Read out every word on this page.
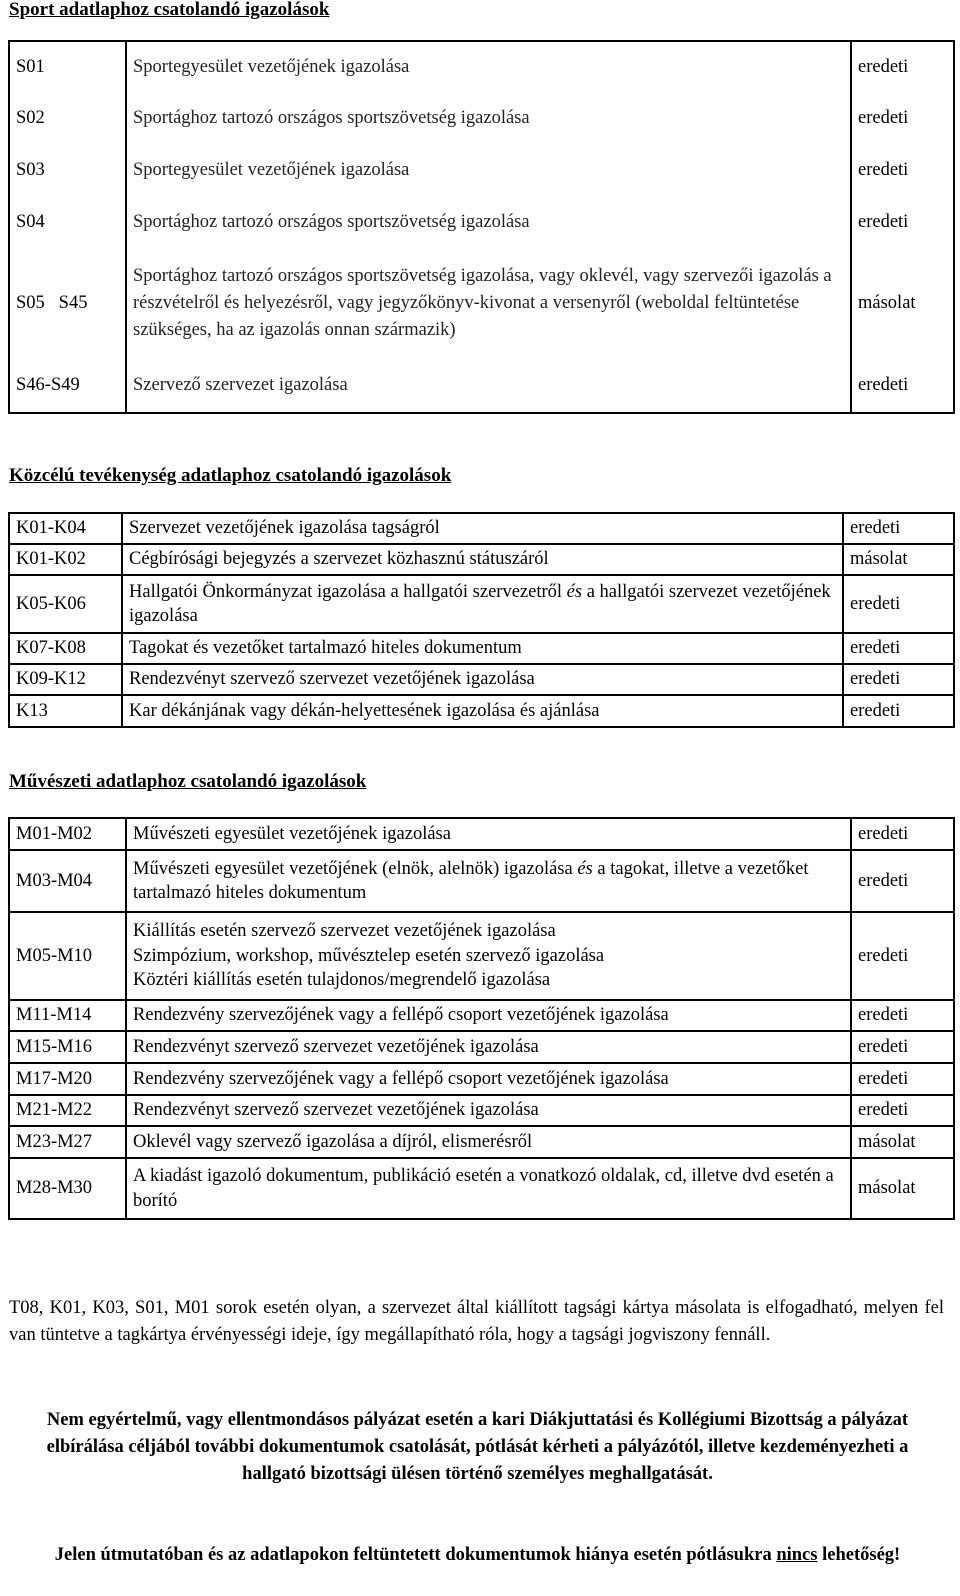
Sport adatlaphoz csatolandó igazolások
S01	Sportegyesület vezetőjének igazolása	eredeti
S02	Sportághoz tartozó országos sportszövetség igazolása	eredeti
S03	Sportegyesület vezetőjének igazolása	eredeti
S04	Sportághoz tartozó országos sportszövetség igazolása	eredeti
S05   S45	Sportághoz tartozó országos sportszövetség igazolása, vagy oklevél, vagy szervezői igazolás a részvételről és helyezésről, vagy jegyzőkönyv-kivonat a versenyről (weboldal feltüntetése szükséges, ha az igazolás onnan származik)	másolat
S46-S49	Szervező szervezet igazolása	eredeti
Közcélú tevékenység adatlaphoz csatolandó igazolások
K01-K04	Szervezet vezetőjének igazolása tagságról	eredeti
K01-K02	Cégbírósági bejegyzés a szervezet közhasznú státuszáról	másolat
K05-K06	Hallgatói Önkormányzat igazolása a hallgatói szervezetről és a hallgatói szervezet vezetőjének igazolása	eredeti
K07-K08	Tagokat és vezetőket tartalmazó hiteles dokumentum	eredeti
K09-K12	Rendezvényt szervező szervezet vezetőjének igazolása	eredeti
K13	Kar dékánjának vagy dékán-helyettesének igazolása és ajánlása	eredeti
Művészeti adatlaphoz csatolandó igazolások
M01-M02	Művészeti egyesület vezetőjének igazolása	eredeti
M03-M04	Művészeti egyesület vezetőjének (elnök, alelnök) igazolása és a tagokat, illetve a vezetőket tartalmazó hiteles dokumentum	eredeti
M05-M10	Kiállítás esetén szervező szervezet vezetőjének igazolása
Szimpózium, workshop, művésztelep esetén szervező igazolása
Köztéri kiállítás esetén tulajdonos/megrendelő igazolása	eredeti
M11-M14	Rendezvény szervezőjének vagy a fellépő csoport vezetőjének igazolása	eredeti
M15-M16	Rendezvényt szervező szervezet vezetőjének igazolása	eredeti
M17-M20	Rendezvény szervezőjének vagy a fellépő csoport vezetőjének igazolása	eredeti
M21-M22	Rendezvényt szervező szervezet vezetőjének igazolása	eredeti
M23-M27	Oklevél vagy szervező igazolása a díjról, elismerésről	másolat
M28-M30	A kiadást igazoló dokumentum, publikáció esetén a vonatkozó oldalak, cd, illetve dvd esetén a borító	másolat

T08, K01, K03, S01, M01 sorok esetén olyan, a szervezet által kiállított tagsági kártya másolata is elfogadható, melyen fel van tüntetve a tagkártya érvényességi ideje, így megállapítható róla, hogy a tagsági jogviszony fennáll.

Nem egyértelmű, vagy ellentmondásos pályázat esetén a kari Diákjuttatási és Kollégiumi Bizottság a pályázat elbírálása céljából további dokumentumok csatolását, pótlását kérheti a pályázótól, illetve kezdeményezheti a hallgató bizottsági ülésen történő személyes meghallgatását.

Jelen útmutatóban és az adatlapokon feltüntetett dokumentumok hiánya esetén pótlásukra nincs lehetőség!
